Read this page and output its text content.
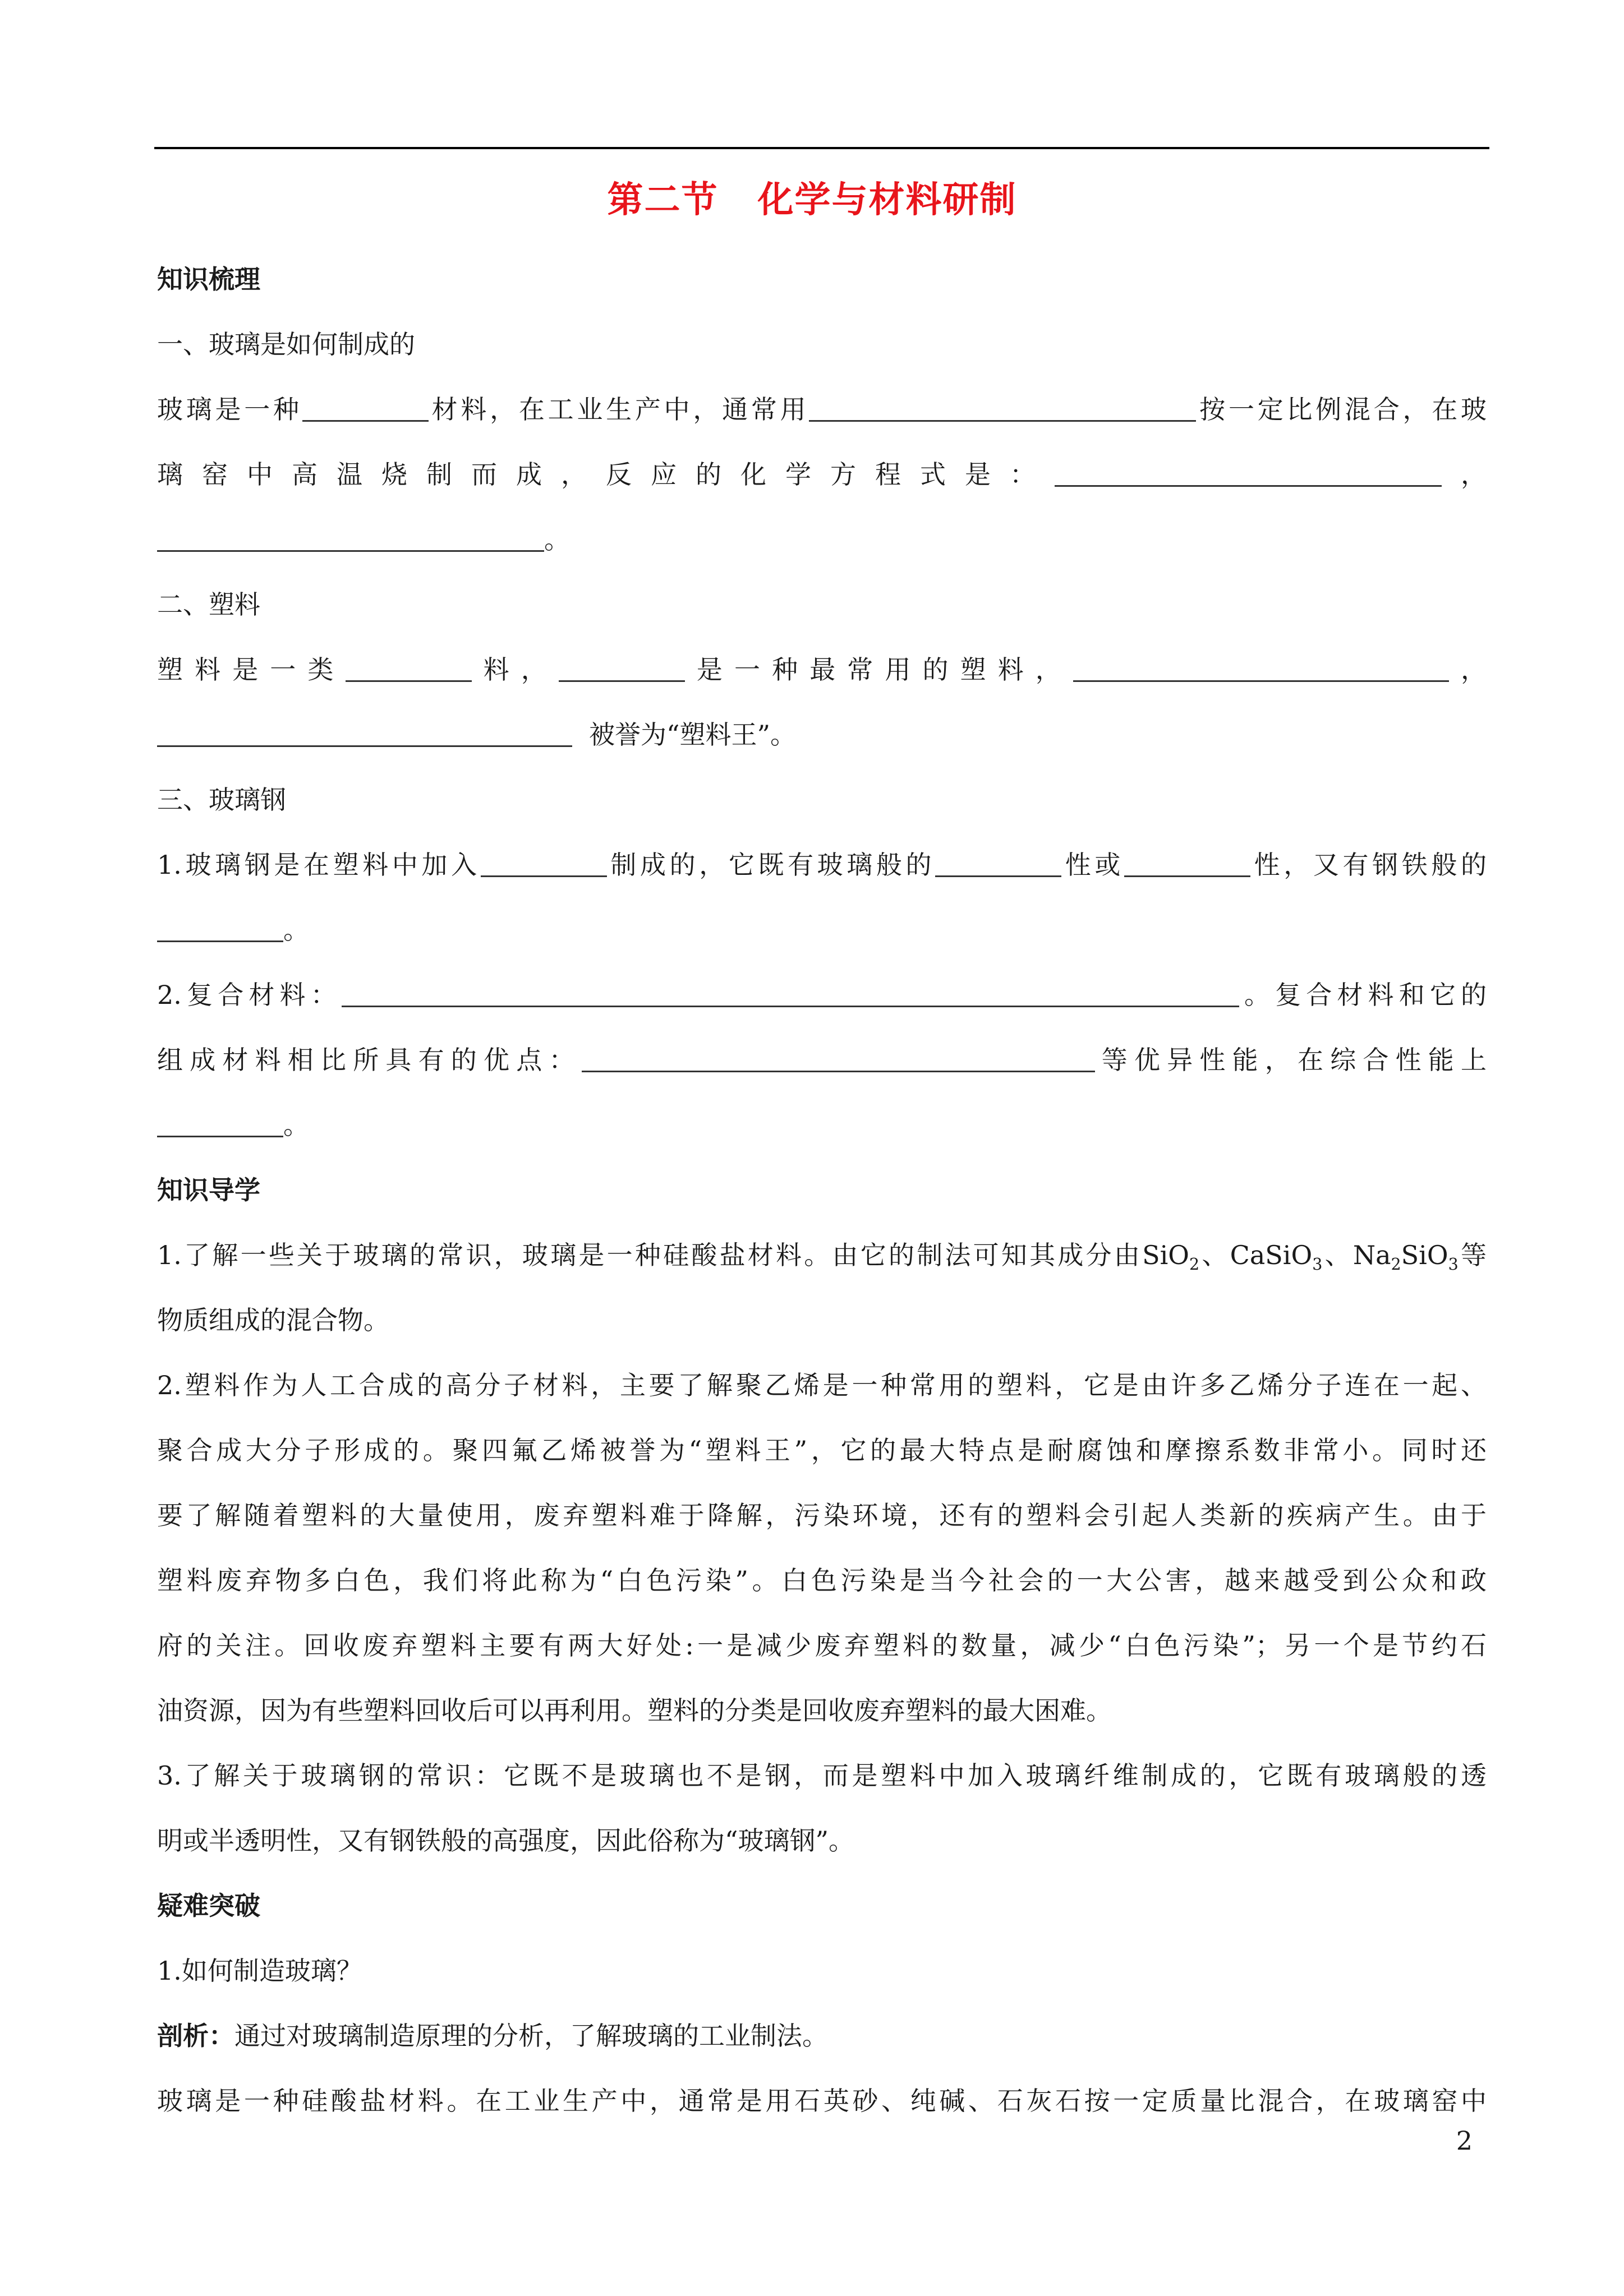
第二节 化学与材料研制

知识梳理

一、玻璃是如何制成的

玻璃是一种	材料，在工业生产中，通常用	按一定比例混合，在玻

璃窑中高温烧制而成，反应的化学方程式是：	，

。

二、塑料

塑料是一类	料，	是一种最常用的塑料，	，

被誉为“塑料王”。

三、玻璃钢

1.玻璃钢是在塑料中加入	制成的，它既有玻璃般的	性或	性，又有钢铁般的

。

2.复合材料：	。复合材料和它的

组成材料相比所具有的优点：	等优异性能，在综合性能上

。

知识导学

1.了解一些关于玻璃的常识，玻璃是一种硅酸盐材料。由它的制法可知其成分由SiO$_2$、CaSiO$_3$、$Na_2SiO_3$等

物质组成的混合物。

2.塑料作为人工合成的高分子材料，主要了解聚乙烯是一种常用的塑料，它是由许多乙烯分子连在一起、

聚合成大分子形成的。聚四氟乙烯被誉为“塑料王”，它的最大特点是耐腐蚀和摩擦系数非常小。同时还

要了解随着塑料的大量使用，废弃塑料难于降解，污染环境，还有的塑料会引起人类新的疾病产生。由于

塑料废弃物多白色，我们将此称为“白色污染”。白色污染是当今社会的一大公害，越来越受到公众和政

府的关注。回收废弃塑料主要有两大好处:一是减少废弃塑料的数量，减少“白色污染”；另一个是节约石

油资源，因为有些塑料回收后可以再利用。塑料的分类是回收废弃塑料的最大困难。

3.了解关于玻璃钢的常识：它既不是玻璃也不是钢，而是塑料中加入玻璃纤维制成的，它既有玻璃般的透

明或半透明性，又有钢铁般的高强度，因此俗称为“玻璃钢”。

疑难突破

1.如何制造玻璃？

剖析：通过对玻璃制造原理的分析，了解玻璃的工业制法。

玻璃是一种硅酸盐材料。在工业生产中，通常是用石英砂、纯碱、石灰石按一定质量比混合，在玻璃窑中

2
